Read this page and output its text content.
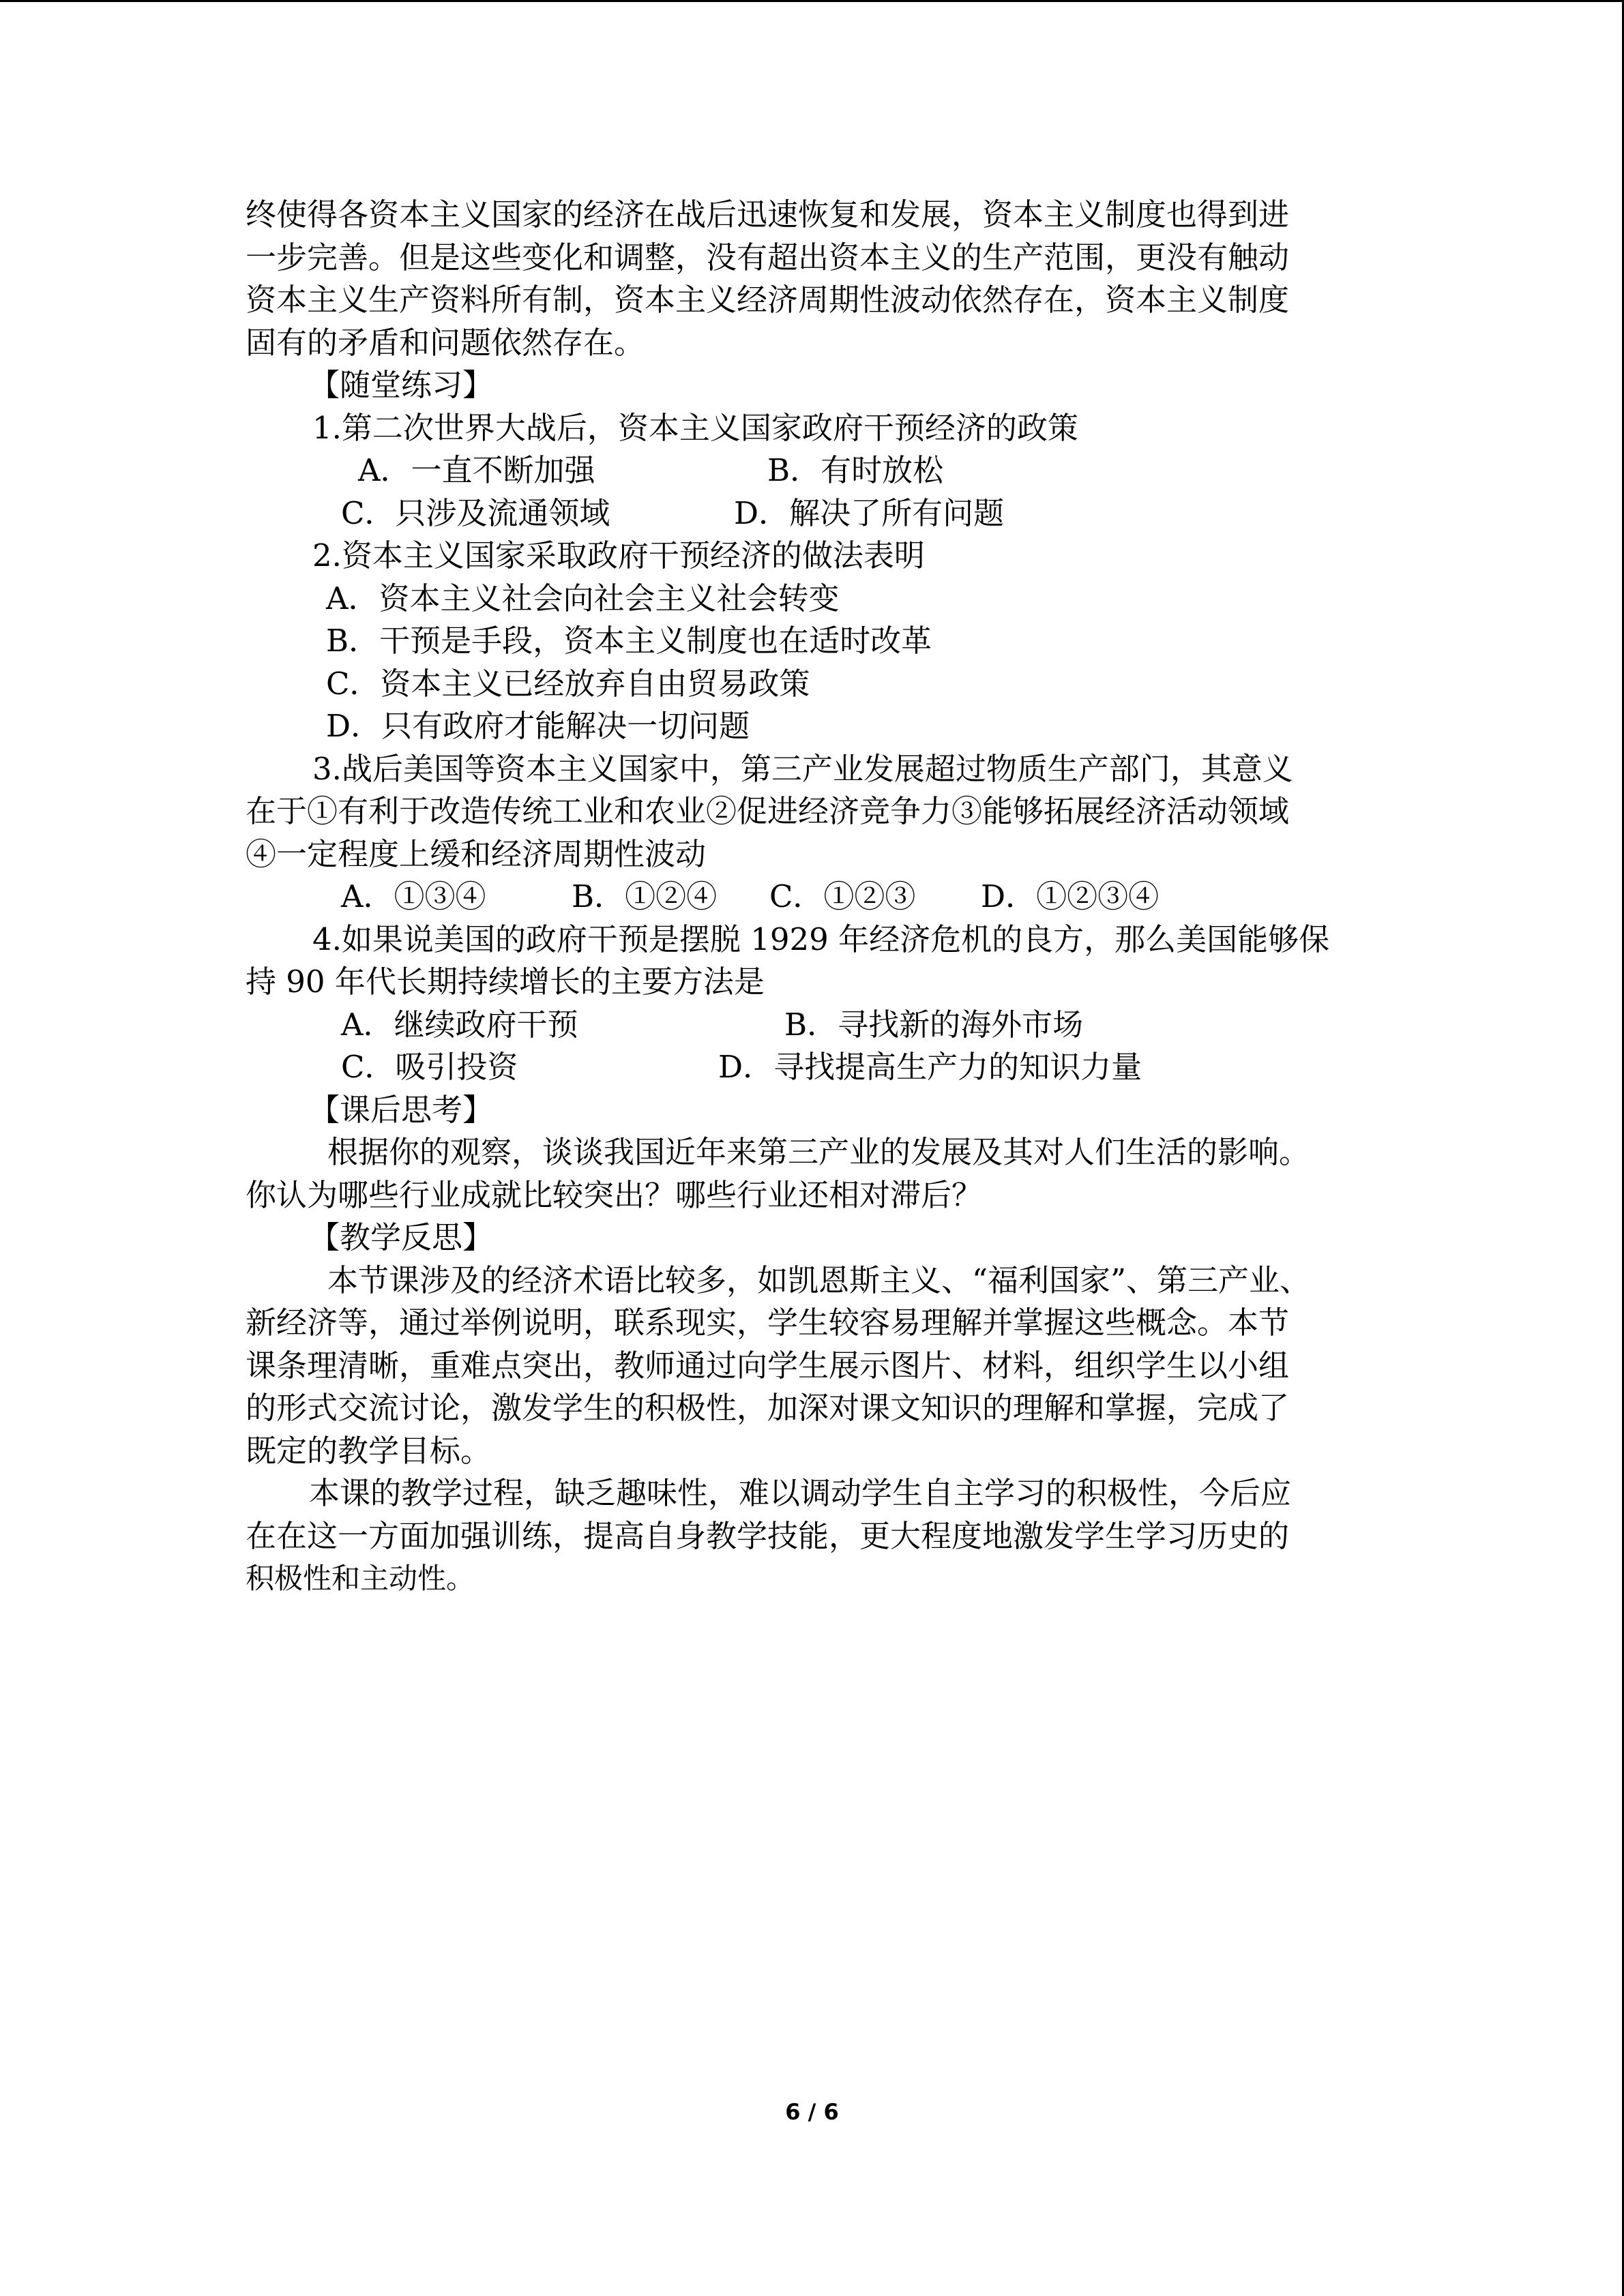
终使得各资本主义国家的经济在战后迅速恢复和发展，资本主义制度也得到进
一步完善。但是这些变化和调整，没有超出资本主义的生产范围，更没有触动
资本主义生产资料所有制，资本主义经济周期性波动依然存在，资本主义制度
固有的矛盾和问题依然存在。
【随堂练习】
1.第二次世界大战后，资本主义国家政府干预经济的政策
A．一直不断加强	B．有时放松
C．只涉及流通领域	D．解决了所有问题
2.资本主义国家采取政府干预经济的做法表明
A．资本主义社会向社会主义社会转变
B．干预是手段，资本主义制度也在适时改革
C．资本主义已经放弃自由贸易政策
D．只有政府才能解决一切问题
3.战后美国等资本主义国家中，第三产业发展超过物质生产部门，其意义
在于①有利于改造传统工业和农业②促进经济竞争力③能够拓展经济活动领域
④一定程度上缓和经济周期性波动
A．①③④	B．①②④ C．①②③ D．①②③④
4.如果说美国的政府干预是摆脱 1929 年经济危机的良方，那么美国能够保
持 90 年代长期持续增长的主要方法是
A．继续政府干预	B．寻找新的海外市场
C．吸引投资	D．寻找提高生产力的知识力量
【课后思考】
根据你的观察，谈谈我国近年来第三产业的发展及其对人们生活的影响。
你认为哪些行业成就比较突出？哪些行业还相对滞后？
【教学反思】
本节课涉及的经济术语比较多，如凯恩斯主义、“福利国家”、第三产业、
新经济等，通过举例说明，联系现实，学生较容易理解并掌握这些概念。本节
课条理清晰，重难点突出，教师通过向学生展示图片、材料，组织学生以小组
的形式交流讨论，激发学生的积极性，加深对课文知识的理解和掌握，完成了
既定的教学目标。
本课的教学过程，缺乏趣味性，难以调动学生自主学习的积极性，今后应
在在这一方面加强训练，提高自身教学技能，更大程度地激发学生学习历史的
积极性和主动性。
6 / 6
